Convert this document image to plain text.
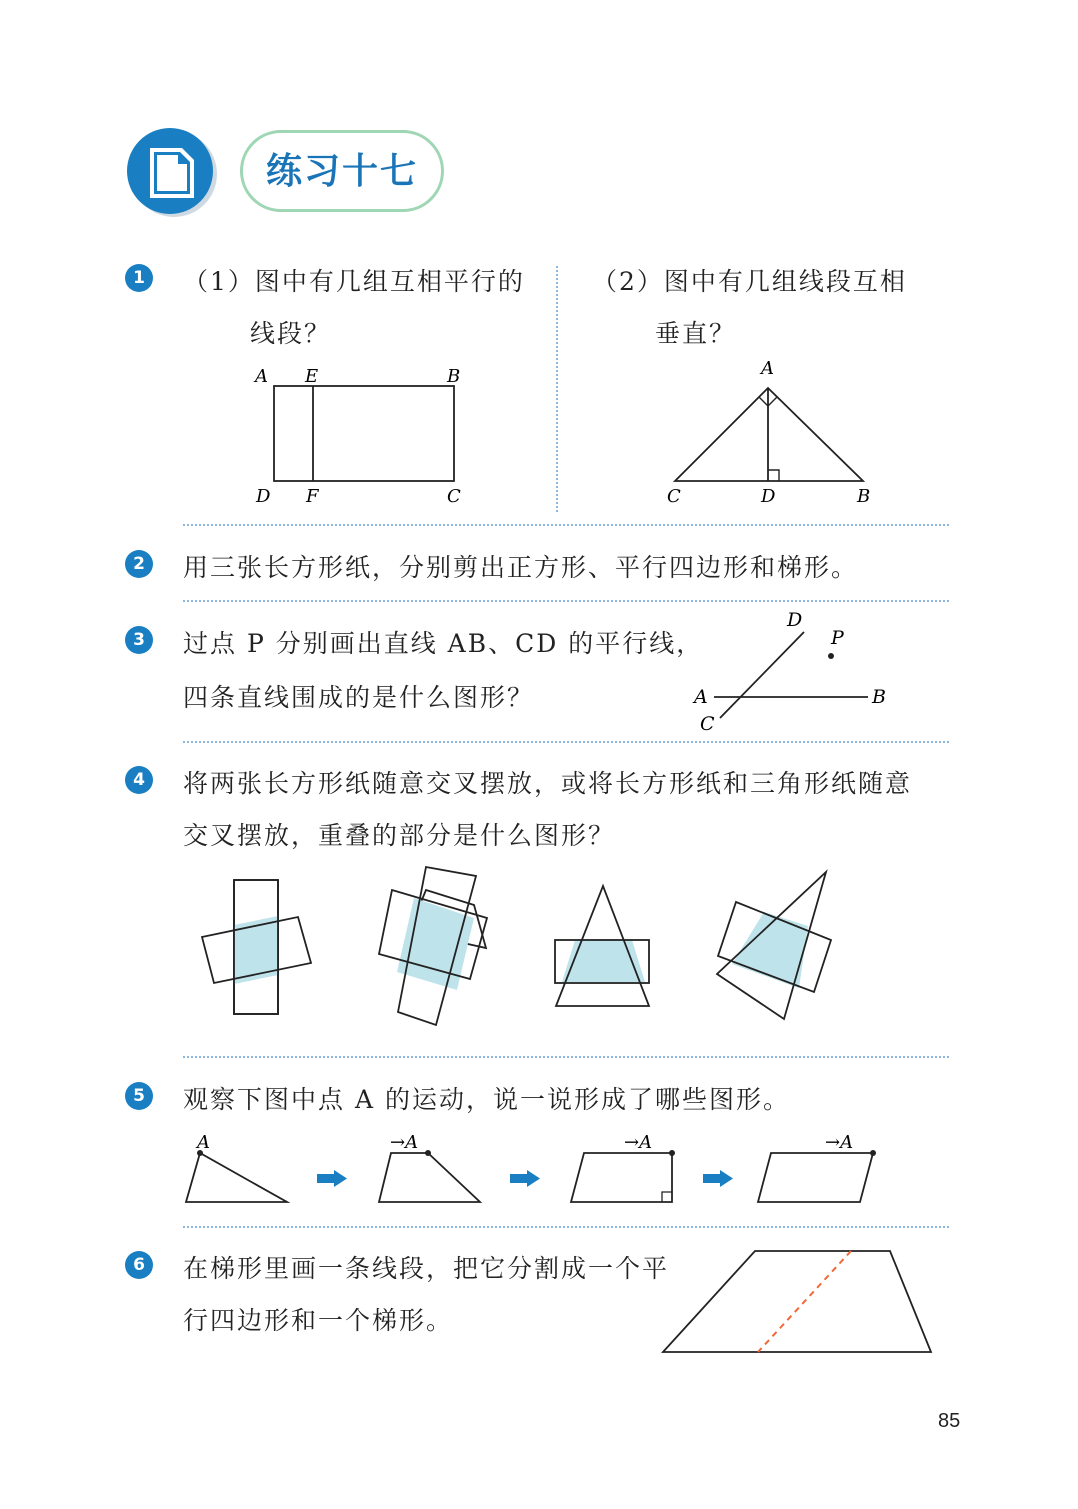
练习十七
1	（1）图中有几组互相平行的
线段？
（2）图中有几组线段互相
垂直？
A E	B
D F	C
A
C	D	B
2	用三张长方形纸，分别剪出正方形、平行四边形和梯形。
3	过点 P 分别画出直线 AB、CD 的平行线，
四条直线围成的是什么图形？
D
P
A	B
C
4	将两张长方形纸随意交叉摆放，或将长方形纸和三角形纸随意
交叉摆放，重叠的部分是什么图形？
5	观察下图中点 A 的运动，说一说形成了哪些图形。
A	→A	→A	→A
6	在梯形里画一条线段，把它分割成一个平
行四边形和一个梯形。
85
